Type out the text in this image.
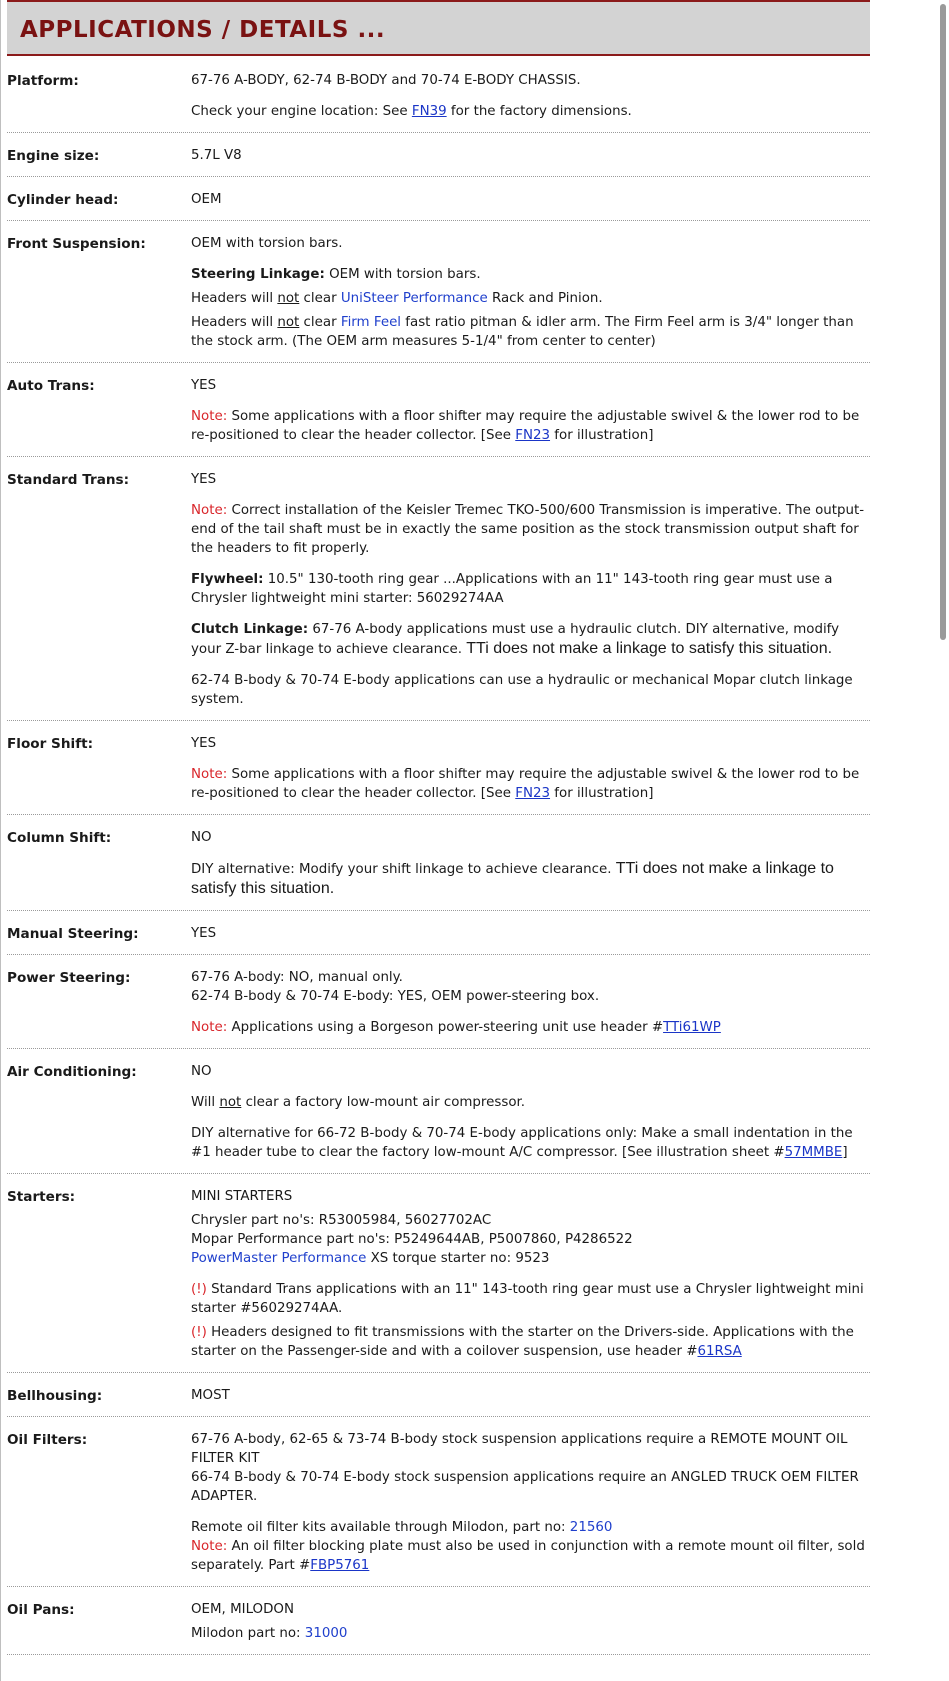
APPLICATIONS / DETAILS ...
Platform:	67-76 A-BODY, 62-74 B-BODY and 70-74 E-BODY CHASSIS.

Check your engine location: See FN39 for the factory dimensions.

Engine size:	5.7L V8

Cylinder head:	OEM

Front Suspension:	OEM with torsion bars.

Steering Linkage: OEM with torsion bars.

Headers will not clear UniSteer Performance Rack and Pinion.

Headers will not clear Firm Feel fast ratio pitman & idler arm. The Firm Feel arm is 3/4" longer than the stock arm. (The OEM arm measures 5-1/4" from center to center)

Auto Trans:	YES

Note: Some applications with a floor shifter may require the adjustable swivel & the lower rod to be re-positioned to clear the header collector. [See FN23 for illustration]

Standard Trans:	YES

Note: Correct installation of the Keisler Tremec TKO-500/600 Transmission is imperative. The output-end of the tail shaft must be in exactly the same position as the stock transmission output shaft for the headers to fit properly.

Flywheel: 10.5" 130-tooth ring gear ...Applications with an 11" 143-tooth ring gear must use a Chrysler lightweight mini starter: 56029274AA

Clutch Linkage: 67-76 A-body applications must use a hydraulic clutch. DIY alternative, modify your Z-bar linkage to achieve clearance. TTi does not make a linkage to satisfy this situation.

62-74 B-body & 70-74 E-body applications can use a hydraulic or mechanical Mopar clutch linkage system.

Floor Shift:	YES

Note: Some applications with a floor shifter may require the adjustable swivel & the lower rod to be re-positioned to clear the header collector. [See FN23 for illustration]

Column Shift:	NO

DIY alternative: Modify your shift linkage to achieve clearance. TTi does not make a linkage to satisfy this situation.

Manual Steering:	YES

Power Steering:	67-76 A-body: NO, manual only.

62-74 B-body & 70-74 E-body: YES, OEM power-steering box.

Note: Applications using a Borgeson power-steering unit use header #TTi61WP

Air Conditioning:	NO

Will not clear a factory low-mount air compressor.

DIY alternative for 66-72 B-body & 70-74 E-body applications only: Make a small indentation in the #1 header tube to clear the factory low-mount A/C compressor. [See illustration sheet #57MMBE]

Starters:	MINI STARTERS

Chrysler part no's: R53005984, 56027702AC

Mopar Performance part no's: P5249644AB, P5007860, P4286522

PowerMaster Performance XS torque starter no: 9523

(!) Standard Trans applications with an 11" 143-tooth ring gear must use a Chrysler lightweight mini starter #56029274AA.

(!) Headers designed to fit transmissions with the starter on the Drivers-side. Applications with the starter on the Passenger-side and with a coilover suspension, use header #61RSA

Bellhousing:	MOST

Oil Filters:	67-76 A-body, 62-65 & 73-74 B-body stock suspension applications require a REMOTE MOUNT OIL FILTER KIT

66-74 B-body & 70-74 E-body stock suspension applications require an ANGLED TRUCK OEM FILTER ADAPTER.

Remote oil filter kits available through Milodon, part no: 21560

Note: An oil filter blocking plate must also be used in conjunction with a remote mount oil filter, sold separately. Part #FBP5761

Oil Pans:	OEM, MILODON

Milodon part no: 31000
